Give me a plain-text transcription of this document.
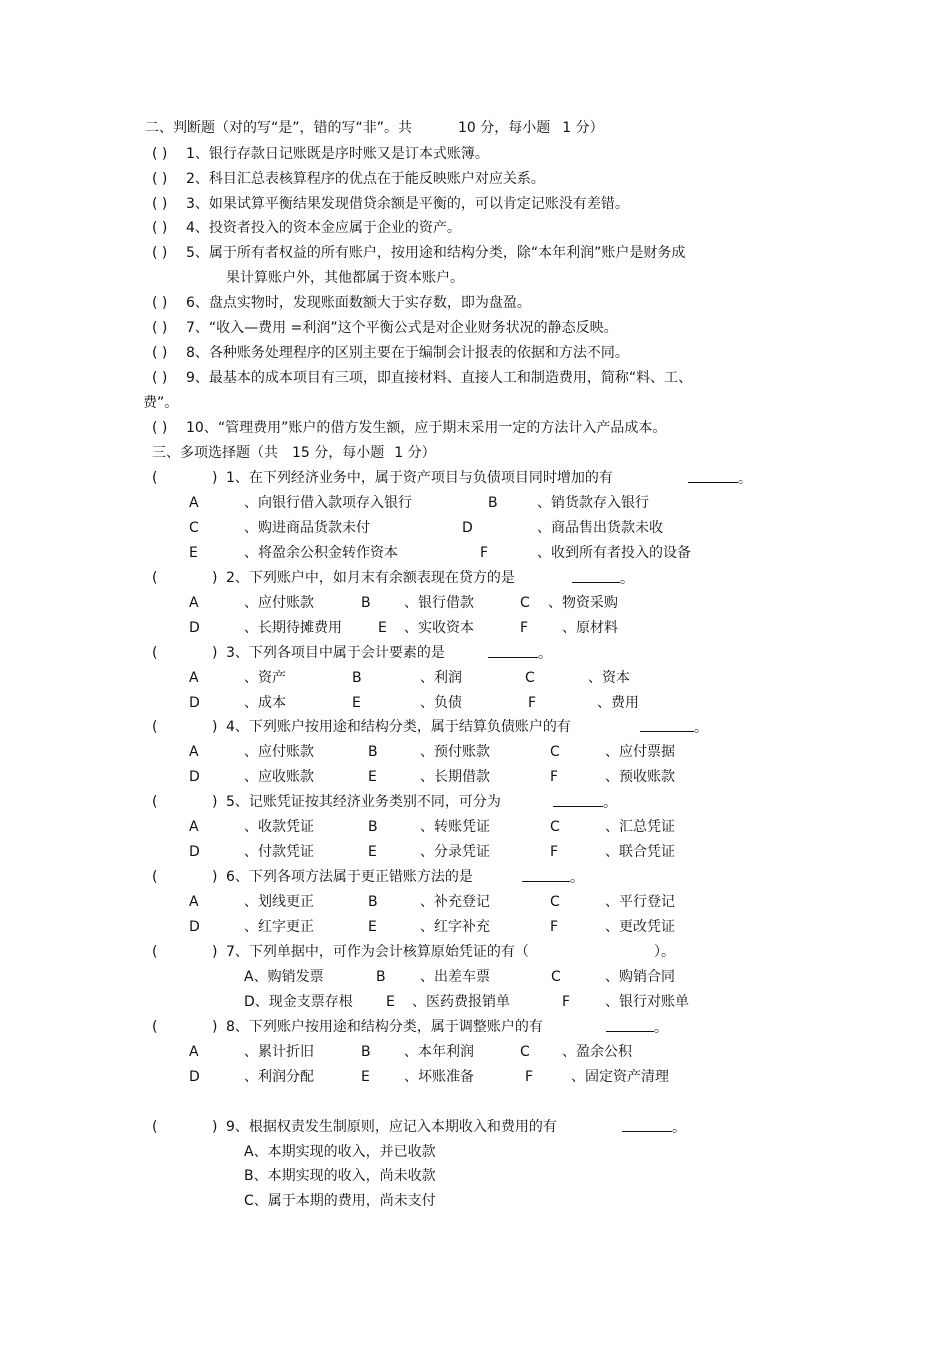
二、判断题（对的写“是”，错的写“非”。共	10 分，每小题 1 分）
( ) 1、银行存款日记账既是序时账又是订本式账簿。
( ) 2、科目汇总表核算程序的优点在于能反映账户对应关系。
( ) 3、如果试算平衡结果发现借贷余额是平衡的，可以肯定记账没有差错。
( ) 4、投资者投入的资本金应属于企业的资产。
( ) 5、属于所有者权益的所有账户，按用途和结构分类，除“本年利润”账户是财务成
果计算账户外，其他都属于资本账户。
( ) 6、盘点实物时，发现账面数额大于实存数，即为盘盈。
( ) 7、“收入—费用 =利润”这个平衡公式是对企业财务状况的静态反映。
( ) 8、各种账务处理程序的区别主要在于编制会计报表的依据和方法不同。
( ) 9、最基本的成本项目有三项，即直接材料、直接人工和制造费用，简称“料、工、
费”。
( ) 10、“管理费用”账户的借方发生额，应于期末采用一定的方法计入产品成本。
三、多项选择题（共 15 分，每小题 1 分）
(	) 1、在下列经济业务中，属于资产项目与负债项目同时增加的有	。
A	、向银行借入款项存入银行	B	、销货款存入银行
C	、购进商品货款未付	D	、商品售出货款未收
E	、将盈余公积金转作资本	F	、收到所有者投入的设备
(	) 2、下列账户中，如月末有余额表现在贷方的是	。
A	、应付账款	B 、银行借款	C 、物资采购
D	、长期待摊费用	E 、实收资本	F 、原材料
(	) 3、下列各项目中属于会计要素的是	。
A	、资产	B	、利润	C	、资本
D	、成本	E	、负债	F	、费用
(	) 4、下列账户按用途和结构分类，属于结算负债账户的有	。
A	、应付账款	B	、预付账款	C	、应付票据
D	、应收账款	E	、长期借款	F	、预收账款
(	) 5、记账凭证按其经济业务类别不同，可分为	。
A	、收款凭证	B	、转账凭证	C	、汇总凭证
D	、付款凭证	E	、分录凭证	F	、联合凭证
(	) 6、下列各项方法属于更正错账方法的是	。
A	、划线更正	B	、补充登记	C	、平行登记
D	、红字更正	E	、红字补充	F	、更改凭证
(	) 7、下列单据中，可作为会计核算原始凭证的有（	）。
A、购销发票	B 、出差车票	C	、购销合同
D、现金支票存根 E 、医药费报销单	F 、银行对账单
(	) 8、下列账户按用途和结构分类，属于调整账户的有	。
A	、累计折旧	B 、本年利润	C 、盈余公积
D	、利润分配	E 、坏账准备	F	、固定资产清理
(	) 9、根据权责发生制原则，应记入本期收入和费用的有	。
A、本期实现的收入，并已收款
B、本期实现的收入，尚未收款
C、属于本期的费用，尚未支付
